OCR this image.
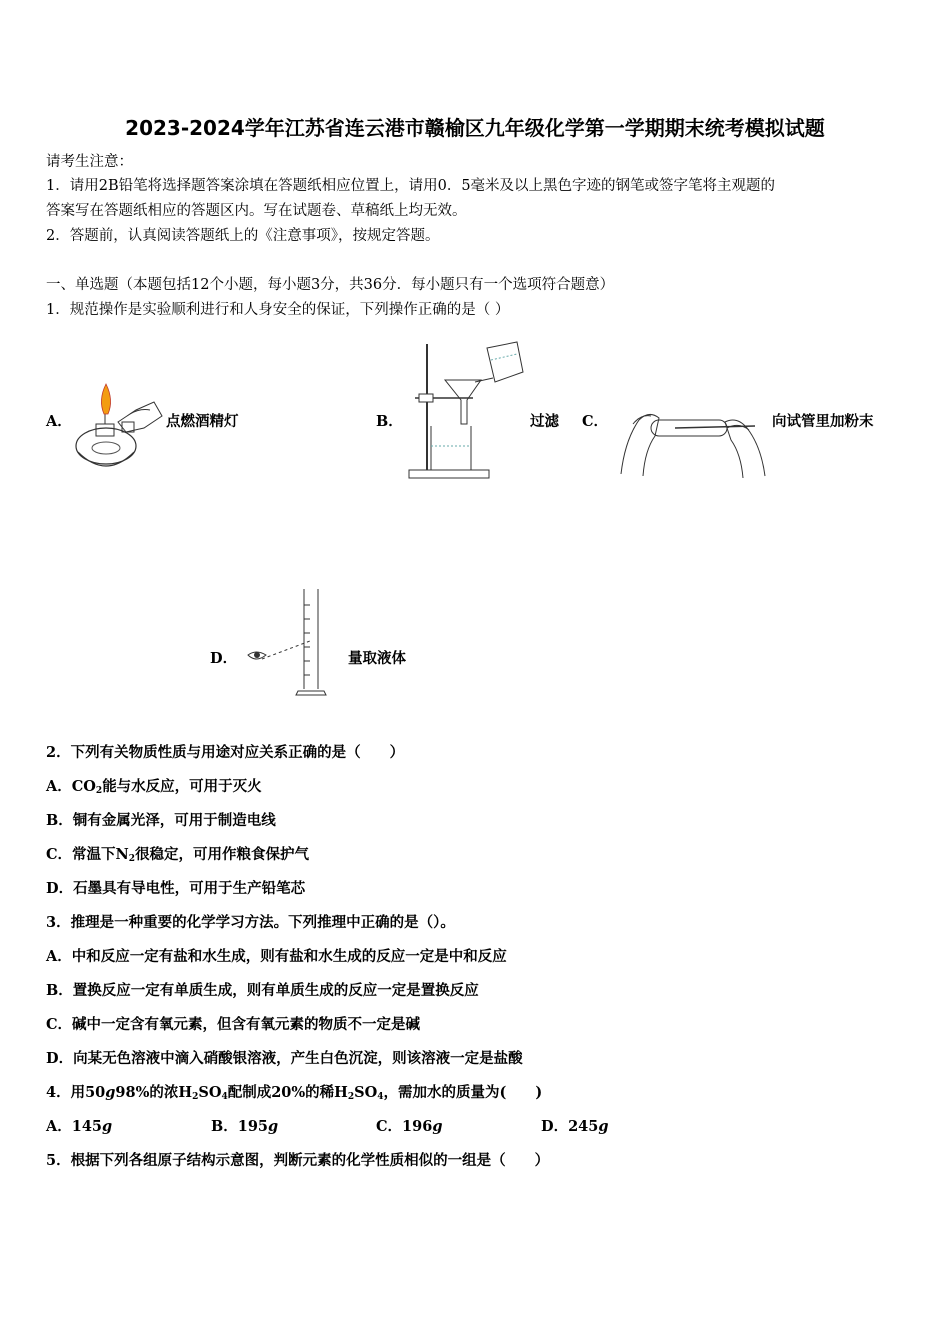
2023-2024学年江苏省连云港市赣榆区九年级化学第一学期期末统考模拟试题
请考生注意：
1．请用2B铅笔将选择题答案涂填在答题纸相应位置上，请用0．5毫米及以上黑色字迹的钢笔或签字笔将主观题的
答案写在答题纸相应的答题区内。写在试题卷、草稿纸上均无效。
2．答题前，认真阅读答题纸上的《注意事项》，按规定答题。
一、单选题（本题包括12个小题，每小题3分，共36分．每小题只有一个选项符合题意）
1．规范操作是实验顺利进行和人身安全的保证，下列操作正确的是（ ）
A．	点燃酒精灯	B．	过滤 C．	向试管里加粉末
D．	量取液体
2．下列有关物质性质与用途对应关系正确的是（　　）
A．$CO_2$能与水反应，可用于灭火
B．铜有金属光泽，可用于制造电线
C．常温下$N_2$很稳定，可用作粮食保护气
D．石墨具有导电性，可用于生产铅笔芯
3．推理是一种重要的化学学习方法。下列推理中正确的是（）。
A．中和反应一定有盐和水生成，则有盐和水生成的反应一定是中和反应
B．置换反应一定有单质生成，则有单质生成的反应一定是置换反应
C．碱中一定含有氧元素，但含有氧元素的物质不一定是碱
D．向某无色溶液中滴入硝酸银溶液，产生白色沉淀，则该溶液一定是盐酸
4．用50g98%的浓$H_2SO_4$配制成20%的稀$H_2SO_4$，需加水的质量为(　　)
A．145g	B．195g	C．196g	D．245g
5．根据下列各组原子结构示意图，判断元素的化学性质相似的一组是（　　）
